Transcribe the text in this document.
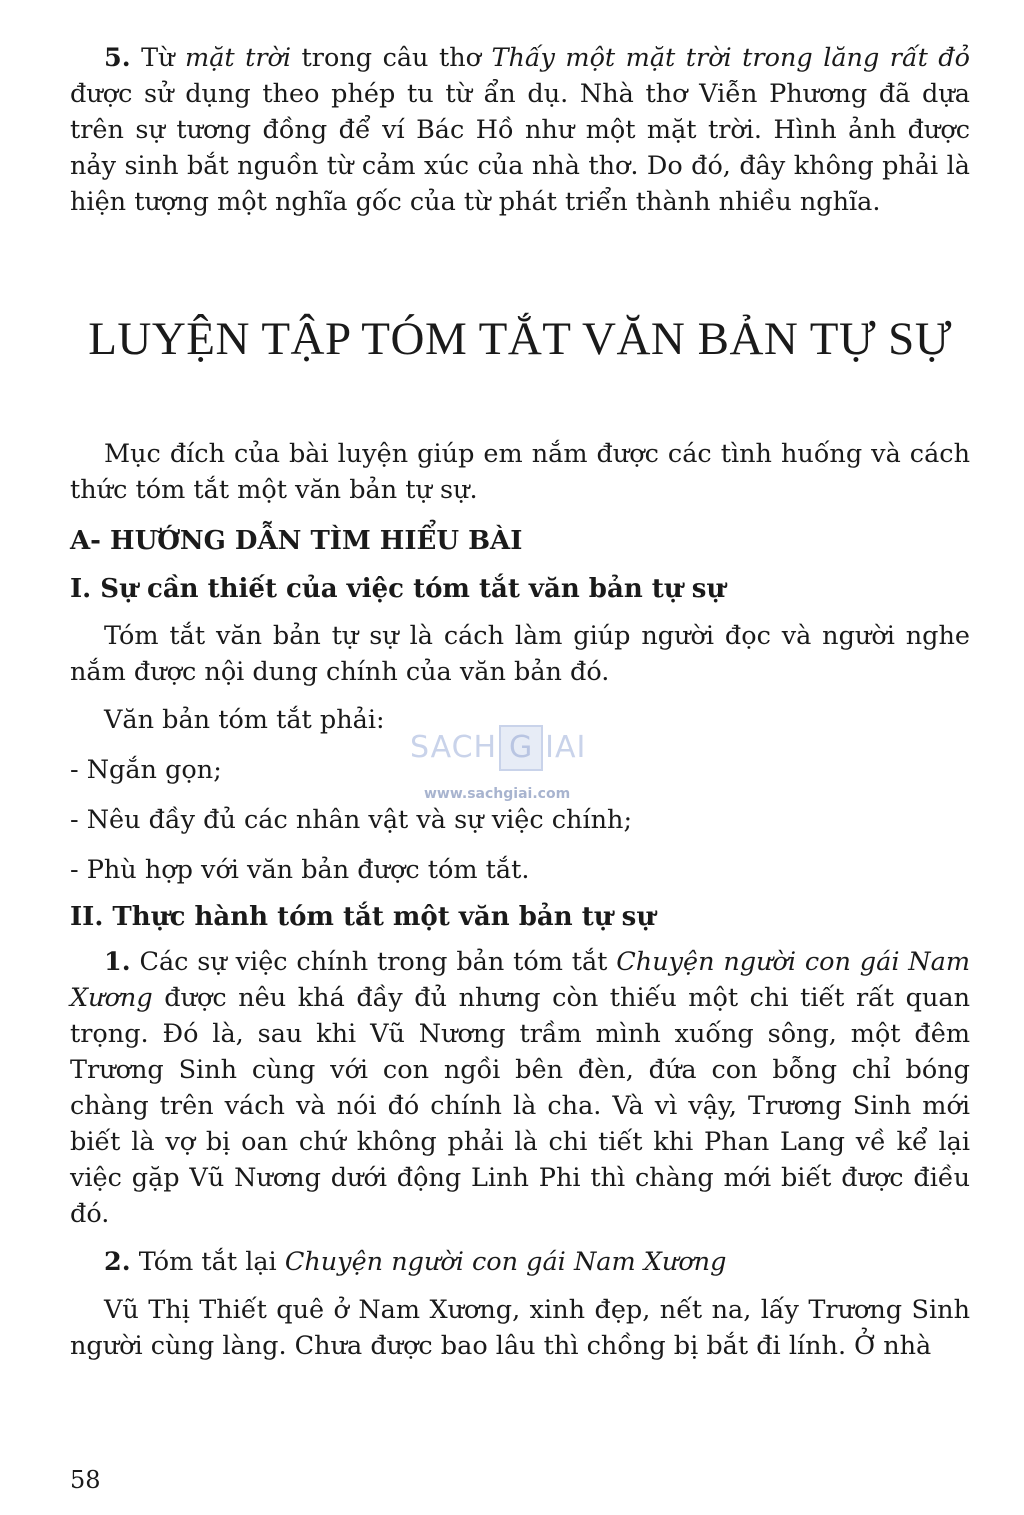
5. Từ mặt trời trong câu thơ Thấy một mặt trời trong lăng rất đỏ được sử dụng theo phép tu từ ẩn dụ. Nhà thơ Viễn Phương đã dựa trên sự tương đồng để ví Bác Hồ như một mặt trời. Hình ảnh được nảy sinh bắt nguồn từ cảm xúc của nhà thơ. Do đó, đây không phải là hiện tượng một nghĩa gốc của từ phát triển thành nhiều nghĩa.

LUYỆN TẬP TÓM TẮT VĂN BẢN TỰ SỰ

Mục đích của bài luyện giúp em nắm được các tình huống và cách thức tóm tắt một văn bản tự sự.

A- HƯỚNG DẪN TÌM HIỂU BÀI
I. Sự cần thiết của việc tóm tắt văn bản tự sự

Tóm tắt văn bản tự sự là cách làm giúp người đọc và người nghe nắm được nội dung chính của văn bản đó.

Văn bản tóm tắt phải:

- Ngắn gọn;

- Nêu đầy đủ các nhân vật và sự việc chính;

- Phù hợp với văn bản được tóm tắt.

II. Thực hành tóm tắt một văn bản tự sự

1. Các sự việc chính trong bản tóm tắt Chuyện người con gái Nam Xương được nêu khá đầy đủ nhưng còn thiếu một chi tiết rất quan trọng. Đó là, sau khi Vũ Nương trầm mình xuống sông, một đêm Trương Sinh cùng với con ngồi bên đèn, đứa con bỗng chỉ bóng chàng trên vách và nói đó chính là cha. Và vì vậy, Trương Sinh mới biết là vợ bị oan chứ không phải là chi tiết khi Phan Lang về kể lại việc gặp Vũ Nương dưới động Linh Phi thì chàng mới biết được điều đó.

2. Tóm tắt lại Chuyện người con gái Nam Xương

Vũ Thị Thiết quê ở Nam Xương, xinh đẹp, nết na, lấy Trương Sinh người cùng làng. Chưa được bao lâu thì chồng bị bắt đi lính. Ở nhà

SACH G IAI
www.sachgiai.com
58
